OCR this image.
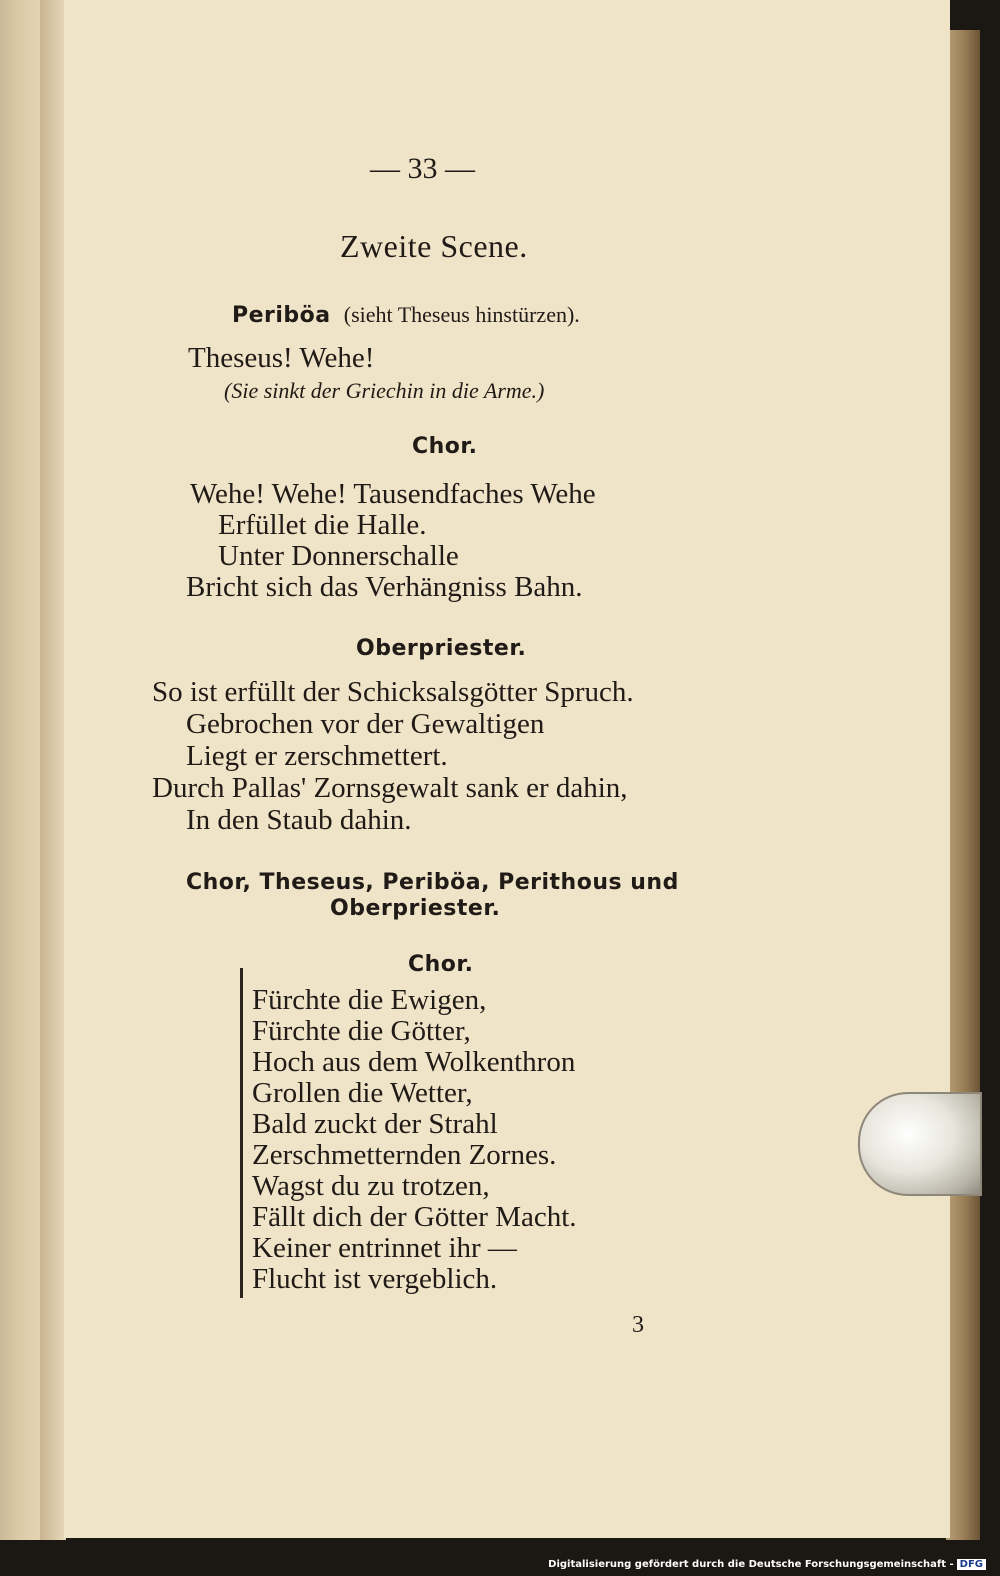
— 33 —
Zweite Scene.
Periböa (sieht Theseus hinstürzen).
Theseus! Wehe!
(Sie sinkt der Griechin in die Arme.)
Chor.
Wehe! Wehe! Tausendfaches Wehe
Erfüllet die Halle.
Unter Donnerschalle
Bricht sich das Verhängniss Bahn.
Oberpriester.
So ist erfüllt der Schicksalsgötter Spruch.
Gebrochen vor der Gewaltigen
Liegt er zerschmettert.
Durch Pallas' Zornsgewalt sank er dahin,
In den Staub dahin.
Chor, Theseus, Periböa, Perithous und
Oberpriester.
Chor.
Fürchte die Ewigen,
Fürchte die Götter,
Hoch aus dem Wolkenthron
Grollen die Wetter,
Bald zuckt der Strahl
Zerschmetternden Zornes.
Wagst du zu trotzen,
Fällt dich der Götter Macht.
Keiner entrinnet ihr —
Flucht ist vergeblich.
3
Digitalisierung gefördert durch die Deutsche Forschungsgemeinschaft - DFG
